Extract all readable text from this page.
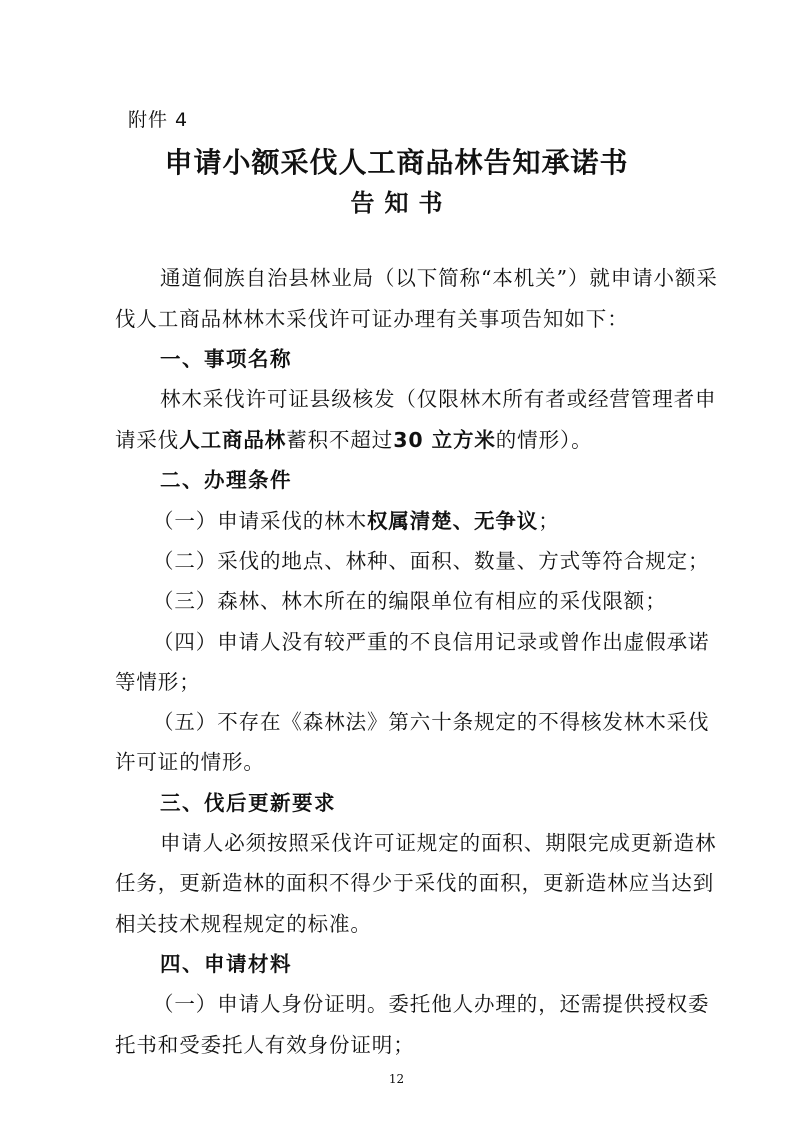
附件 4
申请小额采伐人工商品林告知承诺书
告知书
通道侗族自治县林业局（以下简称“本机关”）就申请小额采
伐人工商品林林木采伐许可证办理有关事项告知如下：
一、事项名称
林木采伐许可证县级核发（仅限林木所有者或经营管理者申
请采伐人工商品林蓄积不超过30 立方米的情形）。
二、办理条件
（一）申请采伐的林木权属清楚、无争议；
（二）采伐的地点、林种、面积、数量、方式等符合规定；
（三）森林、林木所在的编限单位有相应的采伐限额；
（四）申请人没有较严重的不良信用记录或曾作出虚假承诺
等情形；
（五）不存在《森林法》第六十条规定的不得核发林木采伐
许可证的情形。
三、伐后更新要求
申请人必须按照采伐许可证规定的面积、期限完成更新造林
任务，更新造林的面积不得少于采伐的面积，更新造林应当达到
相关技术规程规定的标准。
四、申请材料
（一）申请人身份证明。委托他人办理的，还需提供授权委
托书和受委托人有效身份证明；
12
